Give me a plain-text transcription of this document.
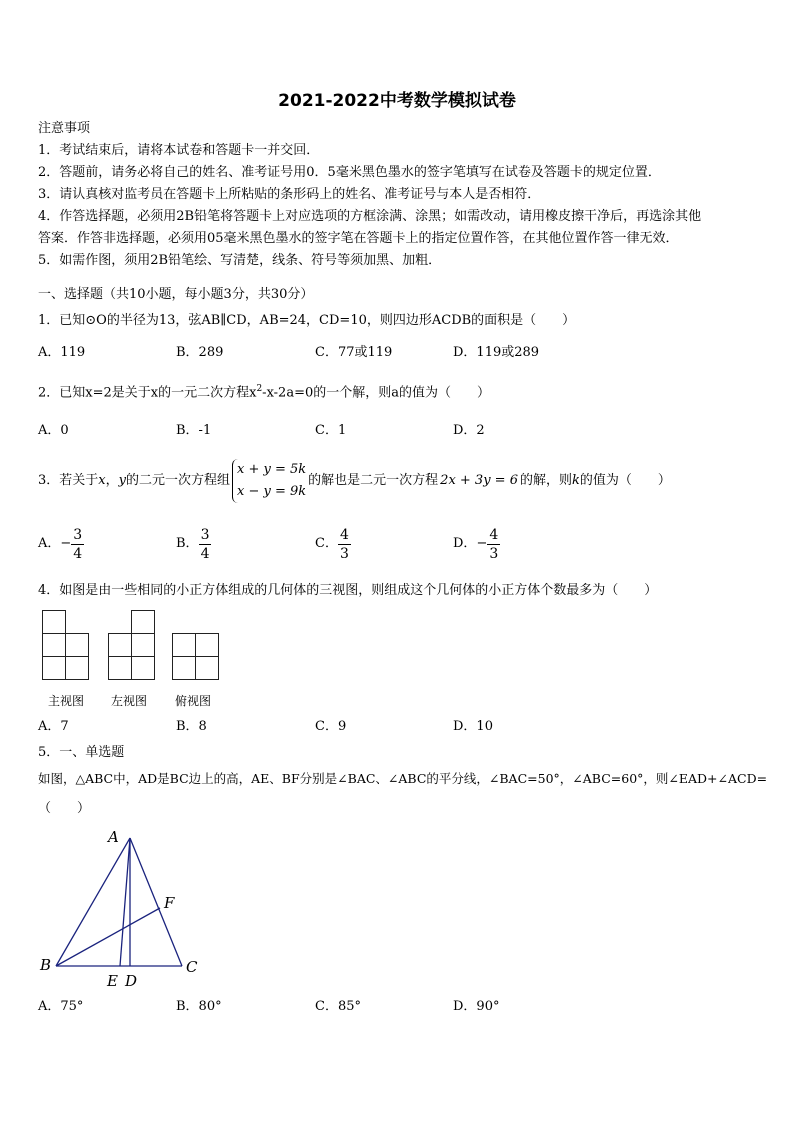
2021-2022中考数学模拟试卷
注意事项
1．考试结束后，请将本试卷和答题卡一并交回．
2．答题前，请务必将自己的姓名、准考证号用0．5毫米黑色墨水的签字笔填写在试卷及答题卡的规定位置．
3．请认真核对监考员在答题卡上所粘贴的条形码上的姓名、准考证号与本人是否相符．
4．作答选择题，必须用2B铅笔将答题卡上对应选项的方框涂满、涂黑；如需改动，请用橡皮擦干净后，再选涂其他
答案．作答非选择题，必须用05毫米黑色墨水的签字笔在答题卡上的指定位置作答，在其他位置作答一律无效．
5．如需作图，须用2B铅笔绘、写清楚，线条、符号等须加黑、加粗．
一、选择题（共10小题，每小题3分，共30分）
1．已知⊙O的半径为13，弦AB∥CD，AB=24，CD=10，则四边形ACDB的面积是（　　）
A．119	B．289	C．77或119	D．119或289
2．已知x=2是关于x的一元二次方程$x^2-x-2a=0$的一个解，则a的值为（　　）
A．0	B．-1	C．1	D．2
3．若关于 x ， y 的二元一次方程组
x + y = 5k
x − y = 9k
的解也是二元一次方程 2x + 3y = 6 的解，则 k 的值为（　　）
A． − $\frac{3}{4}$	B． $\frac{3}{4}$	C． $\frac{4}{3}$	D． − $\frac{4}{3}$
4．如图是由一些相同的小正方体组成的几何体的三视图，则组成这个几何体的小正方体个数最多为（　　）
主视图 左视图 俯视图
A．7	B．8	C．9	D．10
5．一、单选题
如图，△ABC中，AD是BC边上的高，AE、BF分别是∠BAC、∠ABC的平分线，∠BAC=50°，∠ABC=60°，则∠EAD+∠ACD=
（　　）
A
B	C
D
E
F
A．75°	B．80°	C．85°	D．90°
